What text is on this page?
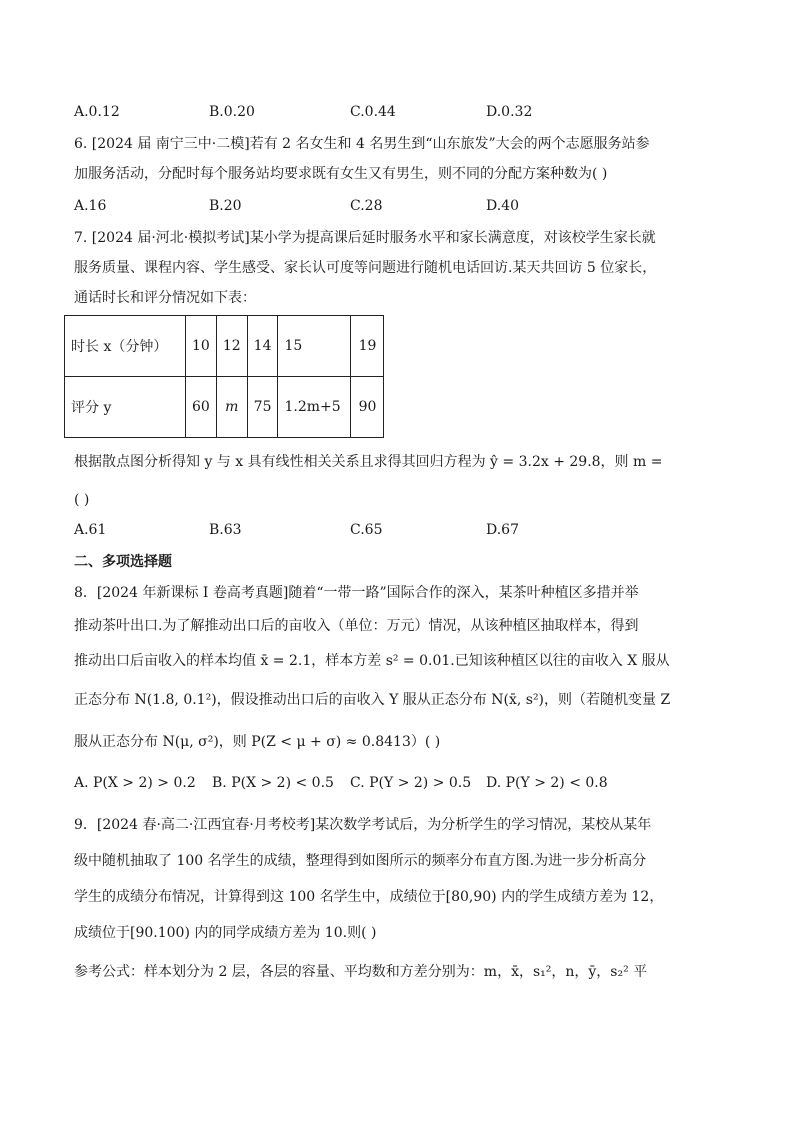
A.0.12	B.0.20	C.0.44	D.0.32
6. [2024 届 南宁三中·二模]若有 2 名女生和 4 名男生到“山东旅发”大会的两个志愿服务站参
加服务活动，分配时每个服务站均要求既有女生又有男生，则不同的分配方案种数为( )
A.16	B.20	C.28	D.40
7. [2024 届·河北·模拟考试]某小学为提高课后延时服务水平和家长满意度，对该校学生家长就
服务质量、课程内容、学生感受、家长认可度等问题进行随机电话回访.某天共回访 5 位家长，
通话时长和评分情况如下表：
时长 x（分钟）	10	12	14	15	19
评分 y	60	m	75	1.2m+5	90
根据散点图分析得知 y 与 x 具有线性相关关系且求得其回归方程为 ŷ = 3.2x + 29.8，则 m =
( )
A.61	B.63	C.65	D.67
二、多项选择题
8．[2024 年新课标 I 卷高考真题]随着“一带一路”国际合作的深入，某茶叶种植区多措并举
推动茶叶出口.为了解推动出口后的亩收入（单位：万元）情况，从该种植区抽取样本，得到
推动出口后亩收入的样本均值 x̄ = 2.1，样本方差 s² = 0.01.已知该种植区以往的亩收入 X 服从
正态分布 N(1.8, 0.1²)，假设推动出口后的亩收入 Y 服从正态分布 N(x̄, s²)，则（若随机变量 Z
服从正态分布 N(μ, σ²)，则 P(Z < μ + σ) ≈ 0.8413）( )
A. P(X > 2) > 0.2 B. P(X > 2) < 0.5 C. P(Y > 2) > 0.5 D. P(Y > 2) < 0.8
9．[2024 春·高二·江西宜春·月考校考]某次数学考试后，为分析学生的学习情况，某校从某年
级中随机抽取了 100 名学生的成绩，整理得到如图所示的频率分布直方图.为进一步分析高分
学生的成绩分布情况，计算得到这 100 名学生中，成绩位于[80,90) 内的学生成绩方差为 12，
成绩位于[90.100) 内的同学成绩方差为 10.则( )
参考公式：样本划分为 2 层，各层的容量、平均数和方差分别为：m，x̄，s₁²，n，ȳ，s₂² 平
